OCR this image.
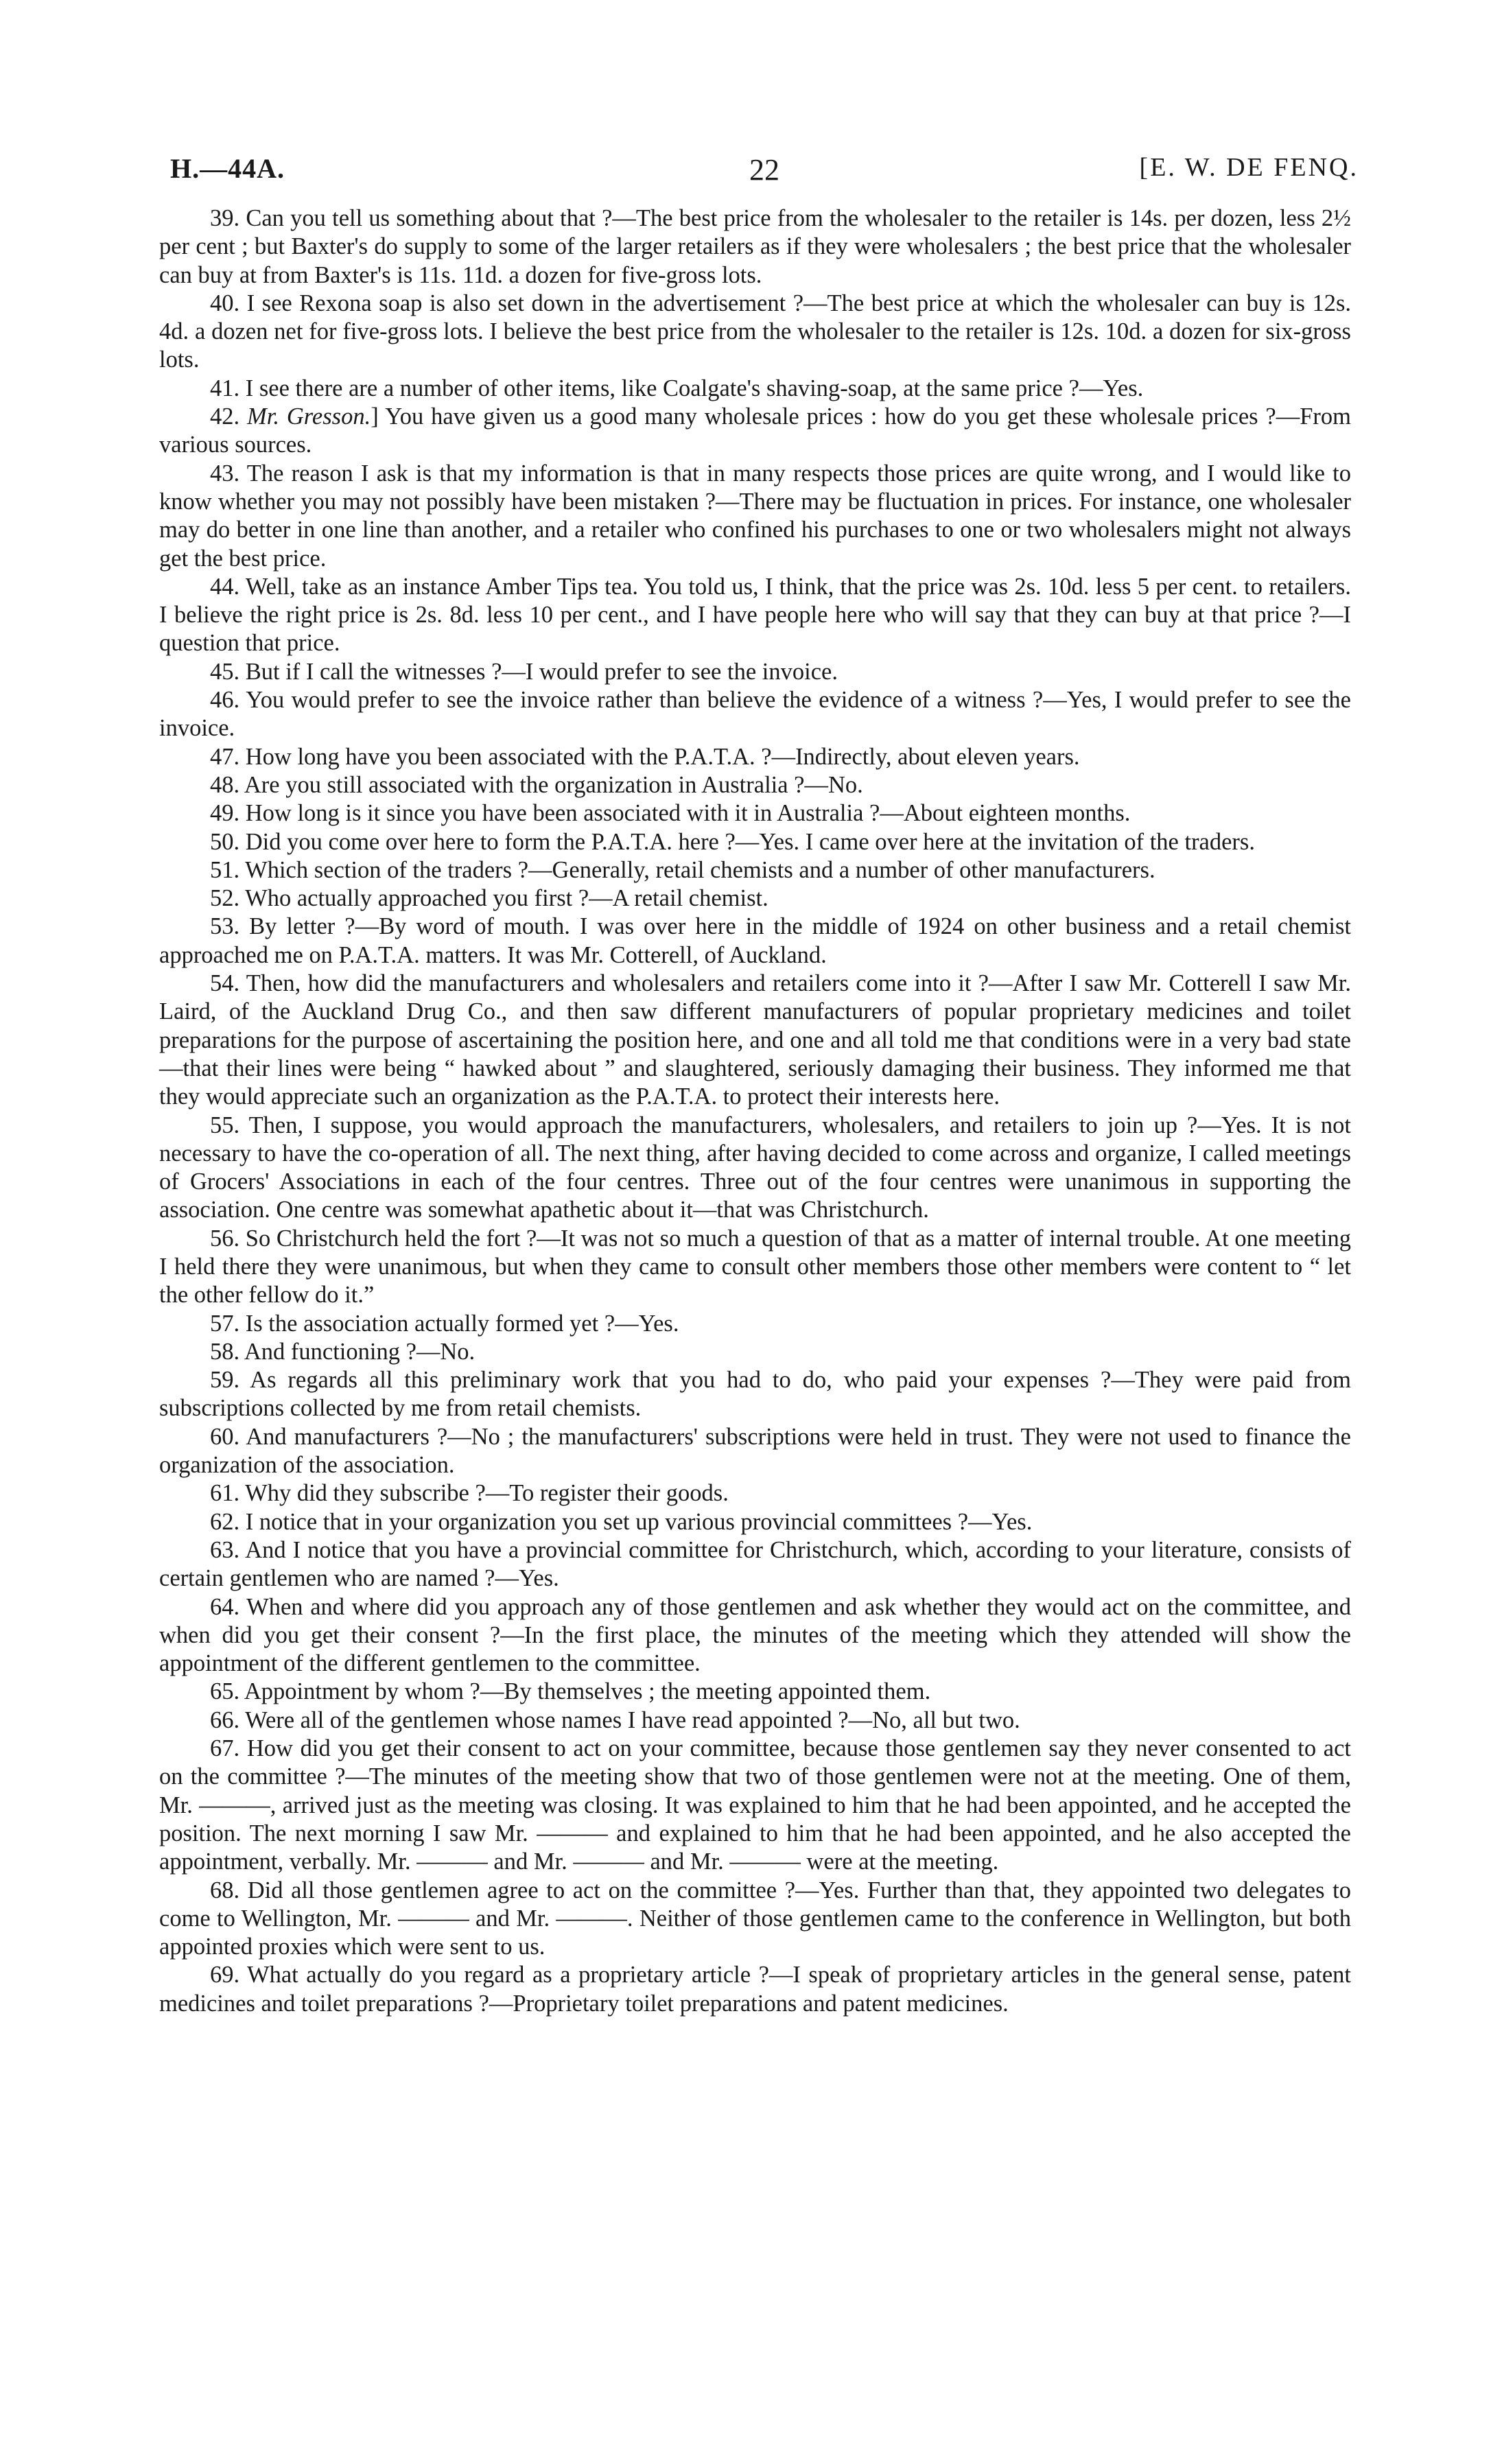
H.—44A.	22	[E. W. DE FENQ.

39. Can you tell us something about that ?—The best price from the wholesaler to the retailer is 14s. per dozen, less 2½ per cent ; but Baxter's do supply to some of the larger retailers as if they were wholesalers ; the best price that the wholesaler can buy at from Baxter's is 11s. 11d. a dozen for five-gross lots.

40. I see Rexona soap is also set down in the advertisement ?—The best price at which the wholesaler can buy is 12s. 4d. a dozen net for five-gross lots. I believe the best price from the wholesaler to the retailer is 12s. 10d. a dozen for six-gross lots.

41. I see there are a number of other items, like Coalgate's shaving-soap, at the same price ?—Yes.

42. Mr. Gresson.] You have given us a good many wholesale prices : how do you get these wholesale prices ?—From various sources.

43. The reason I ask is that my information is that in many respects those prices are quite wrong, and I would like to know whether you may not possibly have been mistaken ?—There may be fluctuation in prices. For instance, one wholesaler may do better in one line than another, and a retailer who confined his purchases to one or two wholesalers might not always get the best price.

44. Well, take as an instance Amber Tips tea. You told us, I think, that the price was 2s. 10d. less 5 per cent. to retailers. I believe the right price is 2s. 8d. less 10 per cent., and I have people here who will say that they can buy at that price ?—I question that price.

45. But if I call the witnesses ?—I would prefer to see the invoice.

46. You would prefer to see the invoice rather than believe the evidence of a witness ?—Yes, I would prefer to see the invoice.

47. How long have you been associated with the P.A.T.A. ?—Indirectly, about eleven years.

48. Are you still associated with the organization in Australia ?—No.

49. How long is it since you have been associated with it in Australia ?—About eighteen months.

50. Did you come over here to form the P.A.T.A. here ?—Yes. I came over here at the invitation of the traders.

51. Which section of the traders ?—Generally, retail chemists and a number of other manufacturers.

52. Who actually approached you first ?—A retail chemist.

53. By letter ?—By word of mouth. I was over here in the middle of 1924 on other business and a retail chemist approached me on P.A.T.A. matters. It was Mr. Cotterell, of Auckland.

54. Then, how did the manufacturers and wholesalers and retailers come into it ?—After I saw Mr. Cotterell I saw Mr. Laird, of the Auckland Drug Co., and then saw different manufacturers of popular proprietary medicines and toilet preparations for the purpose of ascertaining the position here, and one and all told me that conditions were in a very bad state—that their lines were being “ hawked about ” and slaughtered, seriously damaging their business. They informed me that they would appreciate such an organization as the P.A.T.A. to protect their interests here.

55. Then, I suppose, you would approach the manufacturers, wholesalers, and retailers to join up ?—Yes. It is not necessary to have the co-operation of all. The next thing, after having decided to come across and organize, I called meetings of Grocers' Associations in each of the four centres. Three out of the four centres were unanimous in supporting the association. One centre was somewhat apathetic about it—that was Christchurch.

56. So Christchurch held the fort ?—It was not so much a question of that as a matter of internal trouble. At one meeting I held there they were unanimous, but when they came to consult other members those other members were content to “ let the other fellow do it.”

57. Is the association actually formed yet ?—Yes.

58. And functioning ?—No.

59. As regards all this preliminary work that you had to do, who paid your expenses ?—They were paid from subscriptions collected by me from retail chemists.

60. And manufacturers ?—No ; the manufacturers' subscriptions were held in trust. They were not used to finance the organization of the association.

61. Why did they subscribe ?—To register their goods.

62. I notice that in your organization you set up various provincial committees ?—Yes.

63. And I notice that you have a provincial committee for Christchurch, which, according to your literature, consists of certain gentlemen who are named ?—Yes.

64. When and where did you approach any of those gentlemen and ask whether they would act on the committee, and when did you get their consent ?—In the first place, the minutes of the meeting which they attended will show the appointment of the different gentlemen to the committee.

65. Appointment by whom ?—By themselves ; the meeting appointed them.

66. Were all of the gentlemen whose names I have read appointed ?—No, all but two.

67. How did you get their consent to act on your committee, because those gentlemen say they never consented to act on the committee ?—The minutes of the meeting show that two of those gentlemen were not at the meeting. One of them, Mr. ———, arrived just as the meeting was closing. It was explained to him that he had been appointed, and he accepted the position. The next morning I saw Mr. ——— and explained to him that he had been appointed, and he also accepted the appointment, verbally. Mr. ——— and Mr. ——— and Mr. ——— were at the meeting.

68. Did all those gentlemen agree to act on the committee ?—Yes. Further than that, they appointed two delegates to come to Wellington, Mr. ——— and Mr. ———. Neither of those gentlemen came to the conference in Wellington, but both appointed proxies which were sent to us.

69. What actually do you regard as a proprietary article ?—I speak of proprietary articles in the general sense, patent medicines and toilet preparations ?—Proprietary toilet preparations and patent medicines.
